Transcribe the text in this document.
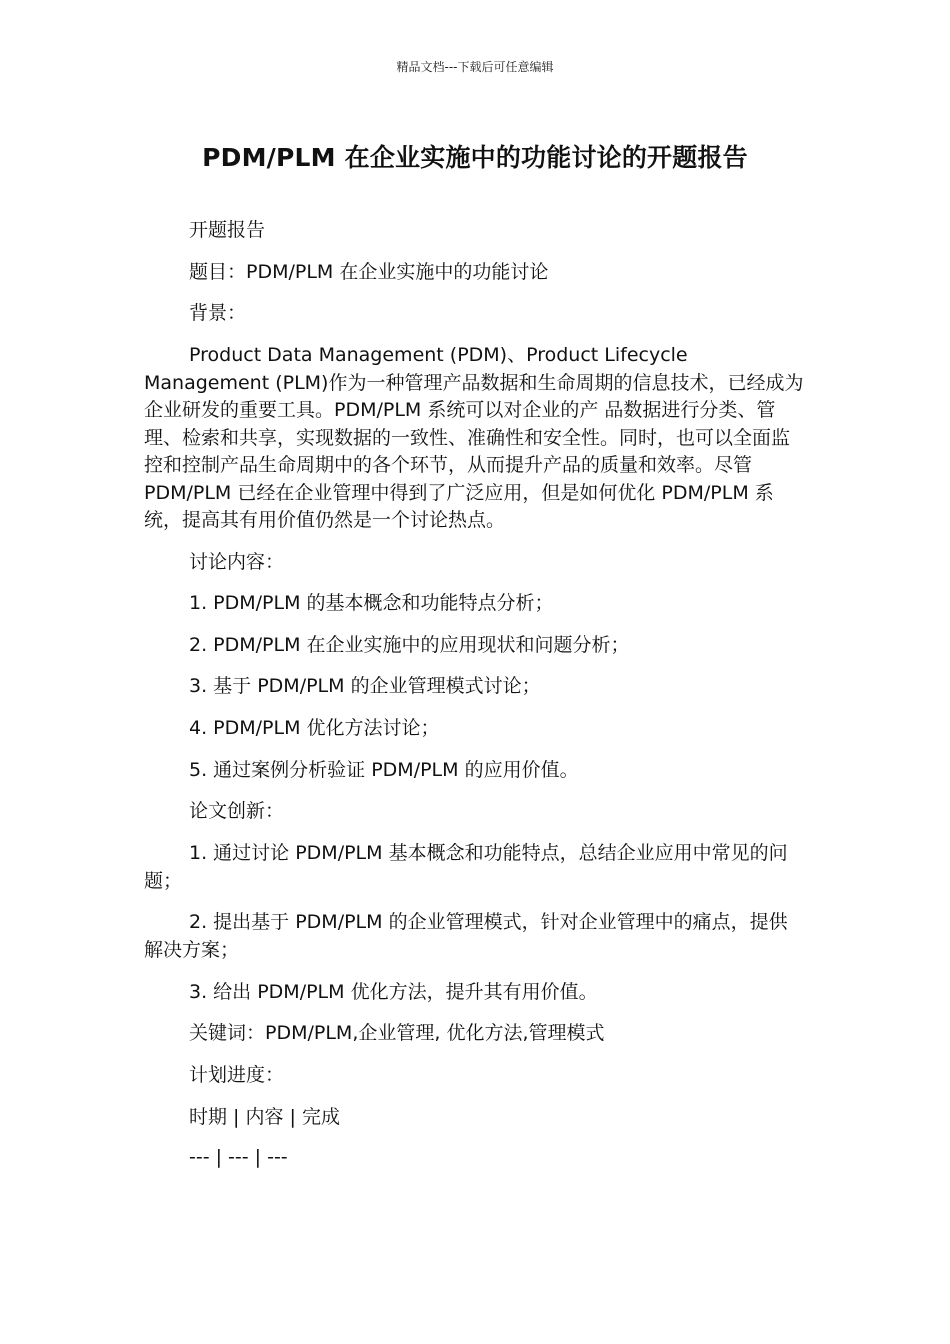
精品文档---下载后可任意编辑
PDM/PLM 在企业实施中的功能讨论的开题报告

开题报告

题目：PDM/PLM 在企业实施中的功能讨论

背景：

Product Data Management (PDM)、Product Lifecycle Management (PLM)作为一种管理产品数据和生命周期的信息技术，已经成为企业研发的重要工具。PDM/PLM 系统可以对企业的产 品数据进行分类、管理、检索和共享，实现数据的一致性、准确性和安全性。同时，也可以全面监控和控制产品生命周期中的各个环节，从而提升产品的质量和效率。尽管 PDM/PLM 已经在企业管理中得到了广泛应用，但是如何优化 PDM/PLM 系统，提高其有用价值仍然是一个讨论热点。

讨论内容：

1. PDM/PLM 的基本概念和功能特点分析；

2. PDM/PLM 在企业实施中的应用现状和问题分析；

3. 基于 PDM/PLM 的企业管理模式讨论；

4. PDM/PLM 优化方法讨论；

5. 通过案例分析验证 PDM/PLM 的应用价值。

论文创新：

1. 通过讨论 PDM/PLM 基本概念和功能特点，总结企业应用中常见的问题；

2. 提出基于 PDM/PLM 的企业管理模式，针对企业管理中的痛点，提供解决方案；

3. 给出 PDM/PLM 优化方法，提升其有用价值。

关键词：PDM/PLM,企业管理, 优化方法,管理模式

计划进度：

时期 | 内容 | 完成

--- | --- | ---
